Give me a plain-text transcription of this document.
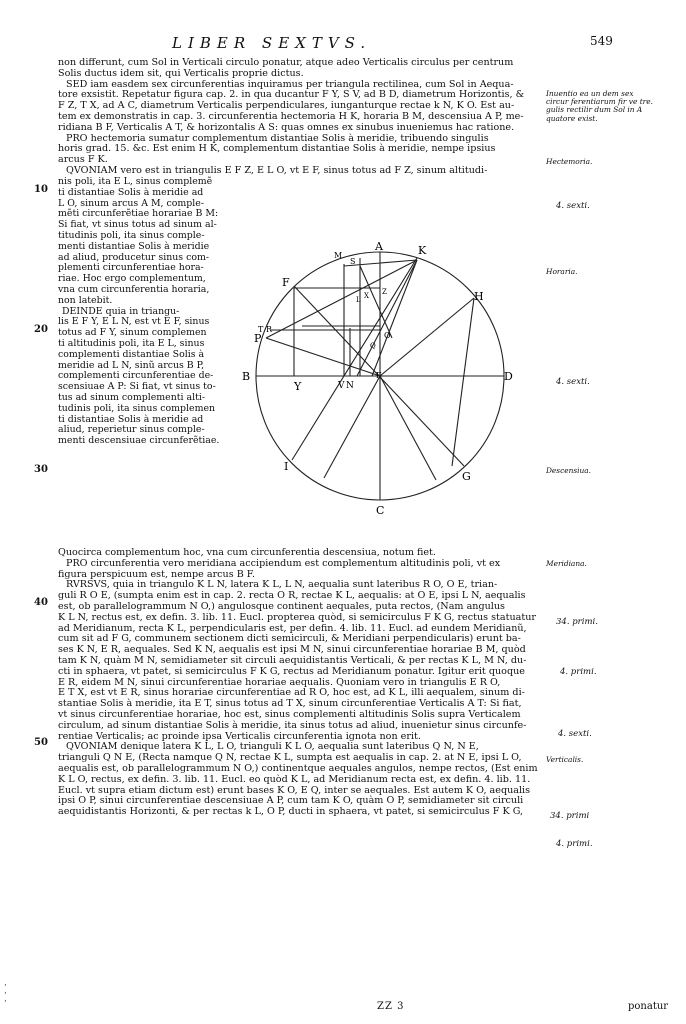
LIBER SEXTVS.	549

non differunt, cum Sol in Verticali circulo ponatur, atque adeo Verticalis circulus per centrum

Solis ductus idem sit, qui Verticalis proprie dictus.

SED iam easdem sex circunferentias inquiramus per triangula rectilinea, cum Sol in Aequa-

tore exsistit. Repetatur figura cap. 2. in qua ducantur F Y, S V, ad B D, diametrum Horizontis, &

F Z, T X, ad A C, diametrum Verticalis perpendiculares, iunganturque rectae k N, K O. Est au-

tem ex demonstratis in cap. 3. circunferentia hectemoria H K, horaria B M, descensiua A P, me-

ridiana B F, Verticalis A T, & horizontalis A S: quas omnes ex sinubus inueniemus hac ratione.

PRO hectemoria sumatur complementum distantiae Solis à meridie, tribuendo singulis

horis grad. 15. &c. Est enim H K, complementum distantiae Solis à meridie, nempe ipsius

arcus F K.

QVONIAM vero est in triangulis E F Z, E L O, vt E F, sinus totus ad F Z, sinum altitudi-

nis poli, ita E L, sinus complemẽ

ti distantiae Solis à meridie ad

L O, sinum arcus A M, comple-

mẽti circunferẽtiae horariae B M:

Si fiat, vt sinus totus ad sinum al-

titudinis poli, ita sinus comple-

menti distantiae Solis à meridie

ad aliud, producetur sinus com-

plementi circunferentiae hora-

riae. Hoc ergo complementum,

vna cum circunferentia horaria,

non latebit.

DEINDE quia in triangu-

lis E F Y, E L N, est vt E F, sinus

totus ad F Y, sinum complemen

ti altitudinis poli, ita E L, sinus

complementi distantiae Solis à

meridie ad L N, sinũ arcus B P,

complementi circunferentiae de-

scensiuae A P: Si fiat, vt sinus to-

tus ad sinum complementi alti-

tudinis poli, ita sinus complemen

ti distantiae Solis à meridie ad

aliud, reperietur sinus comple-

menti descensiuae circunferẽtiae.

A	K
M
F
H
S
T R
P	O
B
Y	V N
E	D
I
G
C
L X
Q
Z

Quocirca complementum hoc, vna cum circunferentia descensiua, notum fiet.

PRO circunferentia vero meridiana accipiendum est complementum altitudinis poli, vt ex

figura perspicuum est, nempe arcus B F.

RVRSVS, quia in triangulo K L N, latera K L, L N, aequalia sunt lateribus R O, O E, trian-

guli R O E, (sumpta enim est in cap. 2. recta O R, rectae K L, aequalis: at O E, ipsi L N, aequalis

est, ob parallelogrammum N O,) angulosque continent aequales, puta rectos, (Nam angulus

K L N, rectus est, ex defin. 3. lib. 11. Eucl. propterea quòd, si semicirculus F K G, rectus statuatur

ad Meridianum, recta K L, perpendicularis est, per defin. 4. lib. 11. Eucl. ad eundem Meridianũ,

cum sit ad F G, communem sectionem dicti semicirculi, & Meridiani perpendicularis) erunt ba-

ses K N, E R, aequales. Sed K N, aequalis est ipsi M N, sinui circunferentiae horariae B M, quòd

tam K N, quàm M N, semidiameter sit circuli aequidistantis Verticali, & per rectas K L, M N, du-

cti in sphaera, vt patet, si semicirculus F K G, rectus ad Meridianum ponatur. Igitur erit quoque

E R, eidem M N, sinui circunferentiae horariae aequalis. Quoniam vero in triangulis E R O,

E T X, est vt E R, sinus horariae circunferentiae ad R O, hoc est, ad K L, illi aequalem, sinum di-

stantiae Solis à meridie, ita E T, sinus totus ad T X, sinum circunferentiae Verticalis A T: Si fiat,

vt sinus circunferentiae horariae, hoc est, sinus complementi altitudinis Solis supra Verticalem

circulum, ad sinum distantiae Solis à meridie, ita sinus totus ad aliud, inuenietur sinus circunfe-

rentiae Verticalis; ac proinde ipsa Verticalis circunferentia ignota non erit.

QVONIAM denique latera K L, L O, trianguli K L O, aequalia sunt lateribus Q N, N E,

trianguli Q N E, (Recta namque Q N, rectae K L, sumpta est aequalis in cap. 2. at N E, ipsi L O,

aequalis est, ob parallelogrammum N O,) continentque aequales angulos, nempe rectos, (Est enim

K L O, rectus, ex defin. 3. lib. 11. Eucl. eo quòd K L, ad Meridianum recta est, ex defin. 4. lib. 11.

Eucl. vt supra etiam dictum est) erunt bases K O, E Q, inter se aequales. Est autem K O, aequalis

ipsi O P, sinui circunferentiae descensiuae A P, cum tam K O, quàm O P, semidiameter sit circuli

aequidistantis Horizonti, & per rectas k L, O P, ducti in sphaera, vt patet, si semicirculus F K G,

10
20
30
40
50
Inuentio ea un dem sex circur ferentiarum fir ve tre. gulis rectilir dum Sol in A quatore exist.
Hectemoria.
4. sexti.
Horaria.
4. sexti.
Descensiua.
Meridiana.
34. primi.
4. primi.
4. sexti.
Verticalis.
34. primi
4. primi.
ZZ 3	ponatur
·
·
·
